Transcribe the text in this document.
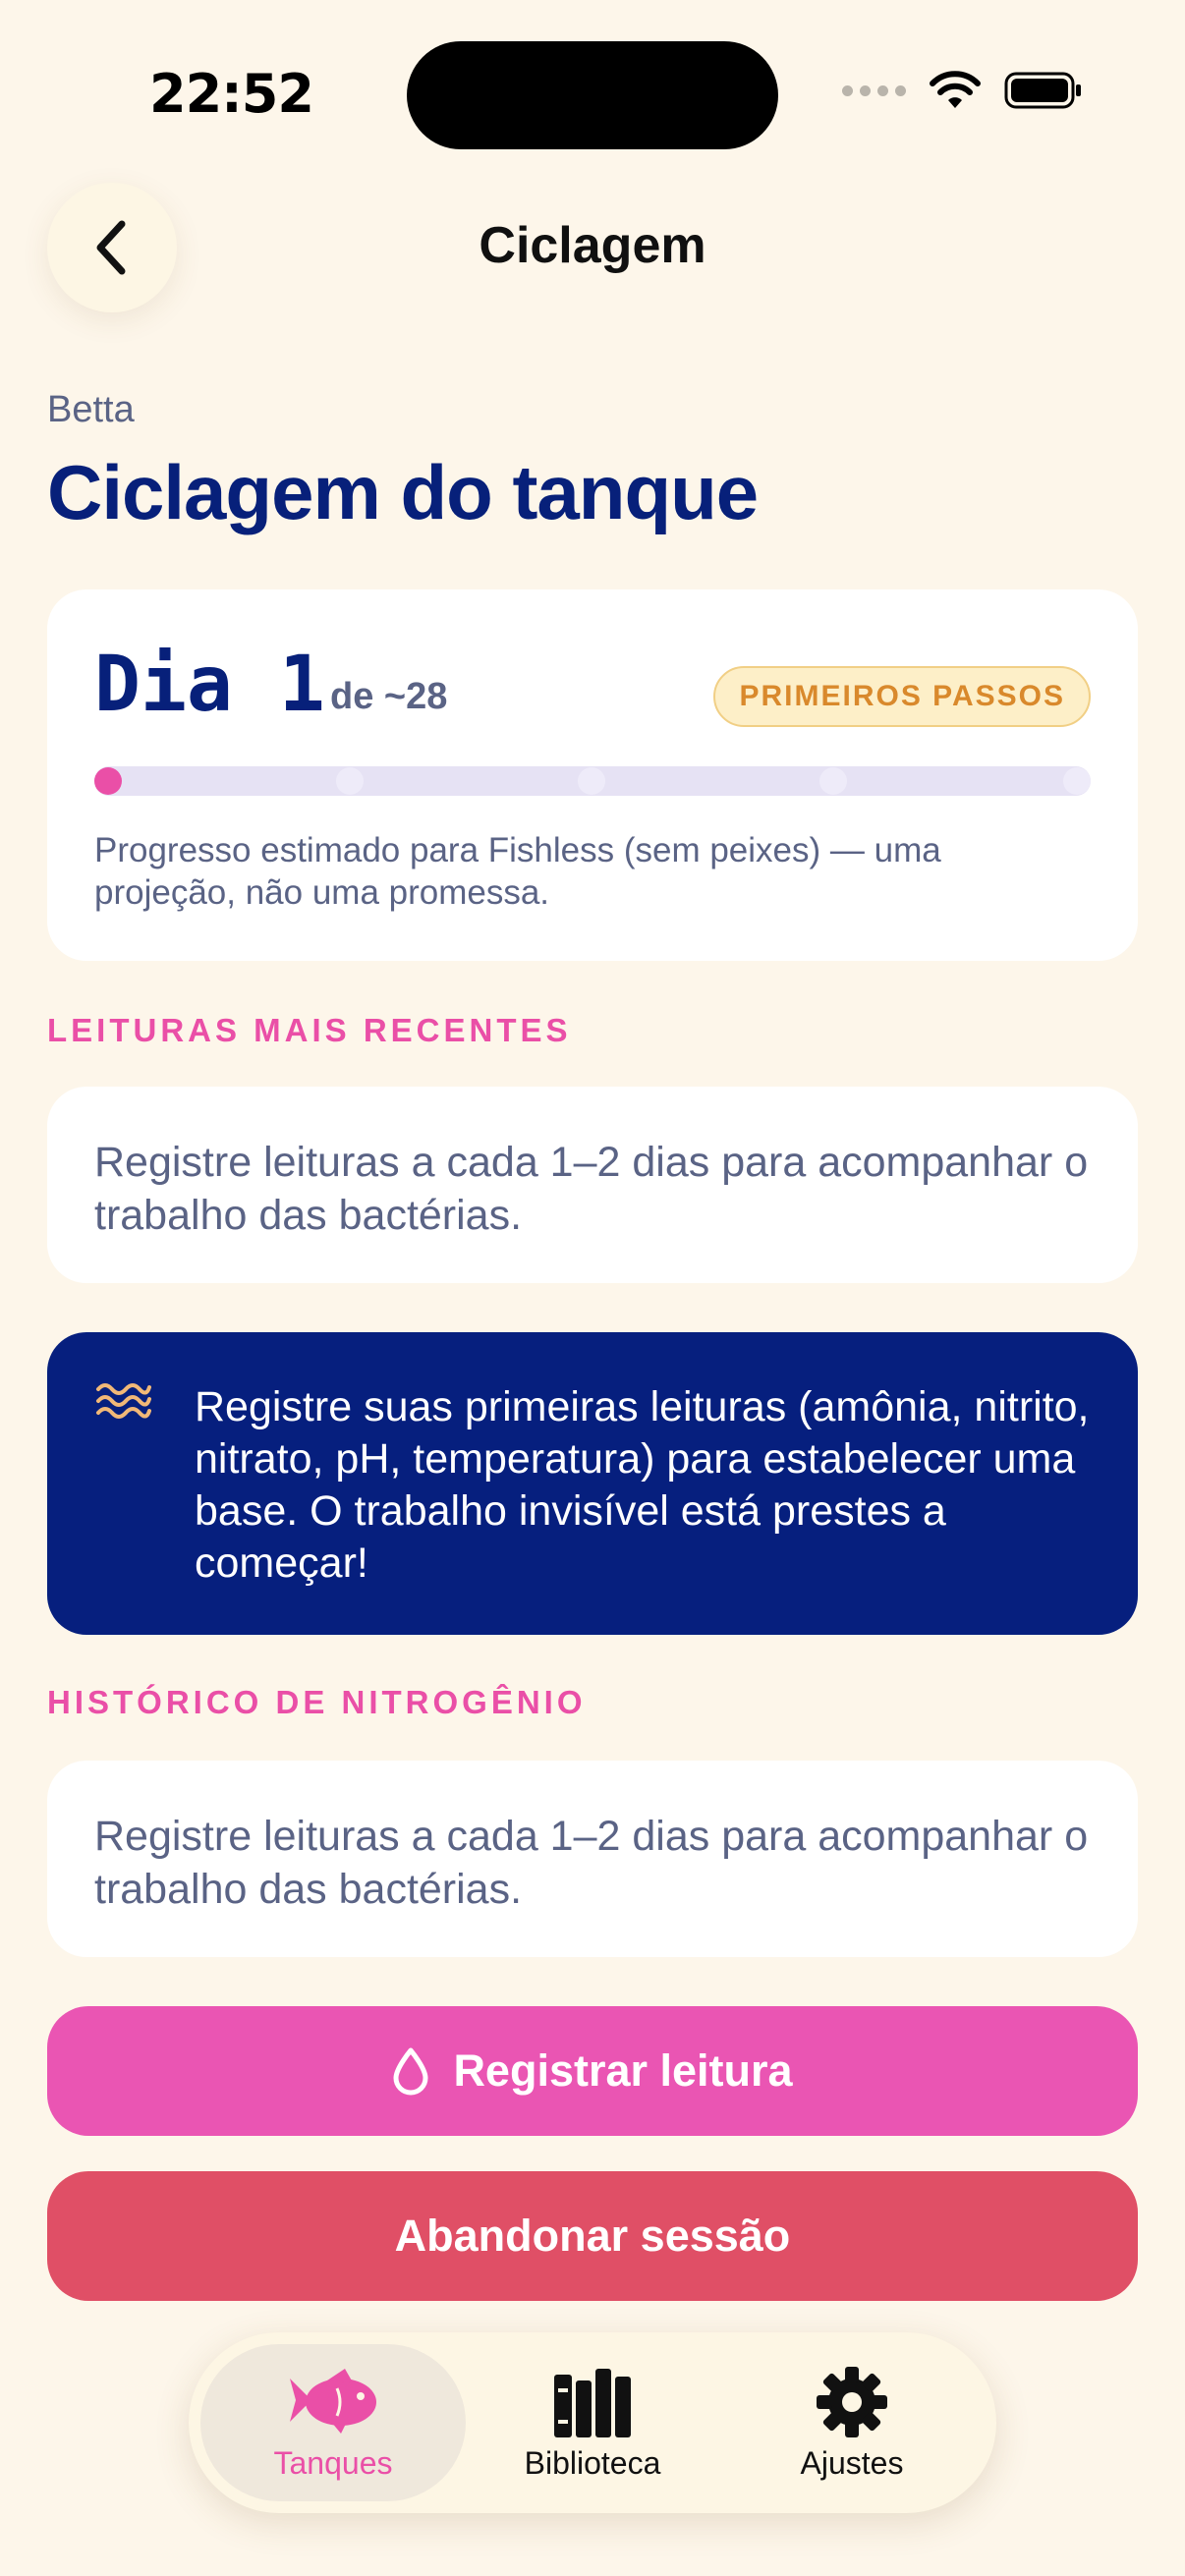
22:52
Ciclagem
Betta
Ciclagem do tanque
Dia 1 de ~28	PRIMEIROS PASSOS
Progresso estimado para Fishless (sem peixes) — uma projeção, não uma promessa.
LEITURAS MAIS RECENTES
Registre leituras a cada 1–2 dias para acompanhar o trabalho das bactérias.
Registre suas primeiras leituras (amônia, nitrito, nitrato, pH, temperatura) para estabelecer uma base. O trabalho invisível está prestes a começar!
HISTÓRICO DE NITROGÊNIO
Registre leituras a cada 1–2 dias para acompanhar o trabalho das bactérias.
Registrar leitura
Abandonar sessão
Tanques	Biblioteca	Ajustes
